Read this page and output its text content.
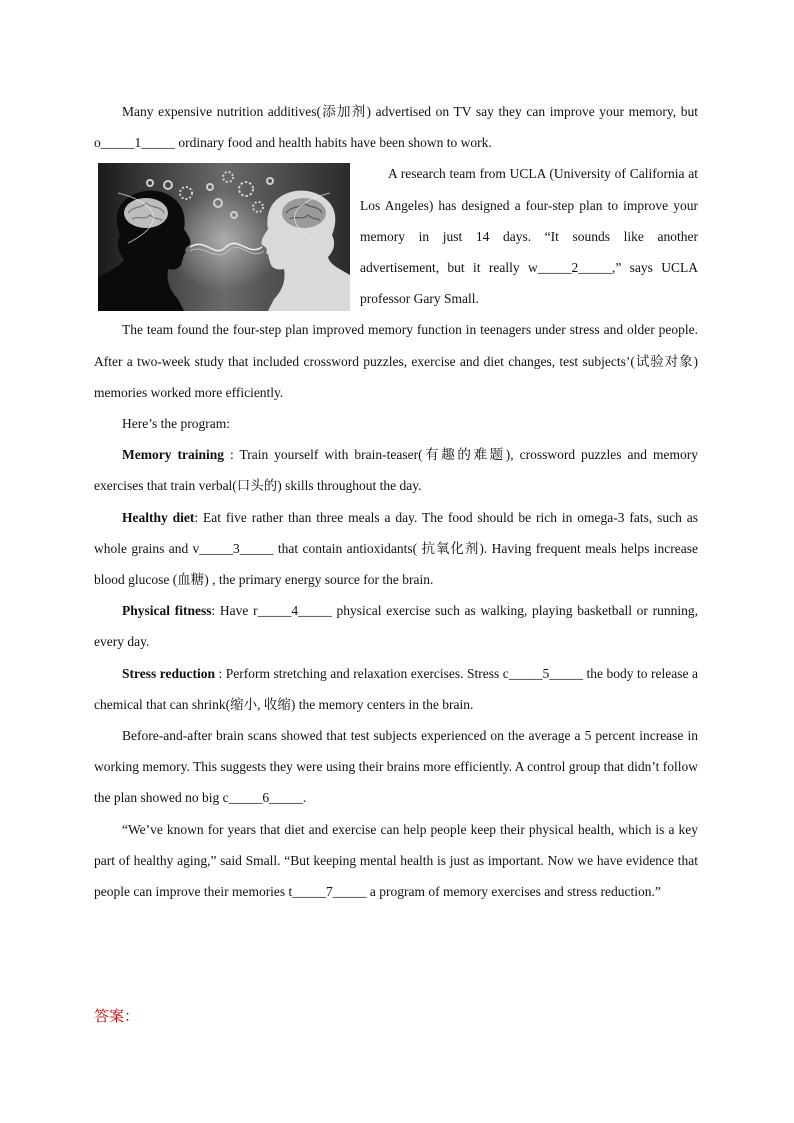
Many expensive nutrition additives(添加剂) advertised on TV say they can improve your memory, but o_____1_____ ordinary food and health habits have been shown to work.

A research team from UCLA (University of California at Los Angeles) has designed a four-step plan to improve your memory in just 14 days. “It sounds like another advertisement, but it really w_____2_____,” says UCLA professor Gary Small.

The team found the four-step plan improved memory function in teenagers under stress and older people. After a two-week study that included crossword puzzles, exercise and diet changes, test subjects’(试验对象) memories worked more efficiently.

Here’s the program:

Memory training : Train yourself with brain-teaser(有趣的难题), crossword puzzles and memory exercises that train verbal(口头的) skills throughout the day.

Healthy diet: Eat five rather than three meals a day. The food should be rich in omega-3 fats, such as whole grains and v_____3_____ that contain antioxidants( 抗氧化剂). Having frequent meals helps increase blood glucose (血糖) , the primary energy source for the brain.

Physical fitness: Have r_____4_____ physical exercise such as walking, playing basketball or running, every day.

Stress reduction : Perform stretching and relaxation exercises. Stress c_____5_____ the body to release a chemical that can shrink(缩小, 收缩) the memory centers in the brain.

Before-and-after brain scans showed that test subjects experienced on the average a 5 percent increase in working memory. This suggests they were using their brains more efficiently. A control group that didn’t follow the plan showed no big c_____6_____.

“We’ve known for years that diet and exercise can help people keep their physical health, which is a key part of healthy aging,” said Small. “But keeping mental health is just as important. Now we have evidence that people can improve their memories t_____7_____ a program of memory exercises and stress reduction.”

答案：
